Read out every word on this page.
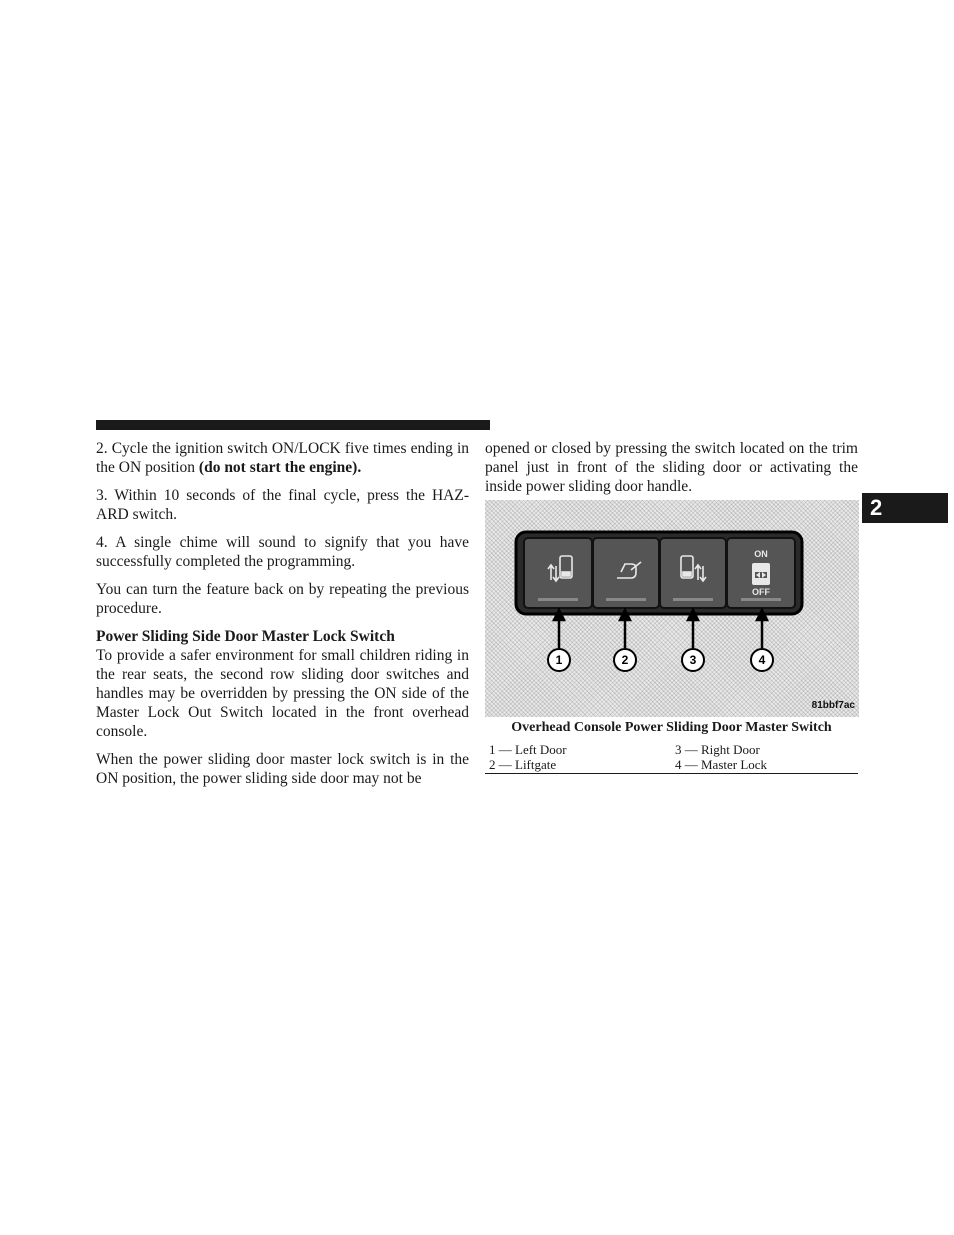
2

2. Cycle the ignition switch ON/LOCK five times ending in the ON position (do not start the engine).

3. Within 10 seconds of the final cycle, press the HAZ-ARD switch.

4. A single chime will sound to signify that you have successfully completed the programming.

You can turn the feature back on by repeating the previous procedure.

Power Sliding Side Door Master Lock Switch

To provide a safer environment for small children riding in the rear seats, the second row sliding door switches and handles may be overridden by pressing the ON side of the Master Lock Out Switch located in the front overhead console.

When the power sliding door master lock switch is in the ON position, the power sliding side door may not be

opened or closed by pressing the switch located on the trim panel just in front of the sliding door or activating the inside power sliding door handle.

ON
OFF
1	2	3	4
81bbf7ac
Overhead Console Power Sliding Door Master Switch
1 — Left Door	3 — Right Door
2 — Liftgate	4 — Master Lock
